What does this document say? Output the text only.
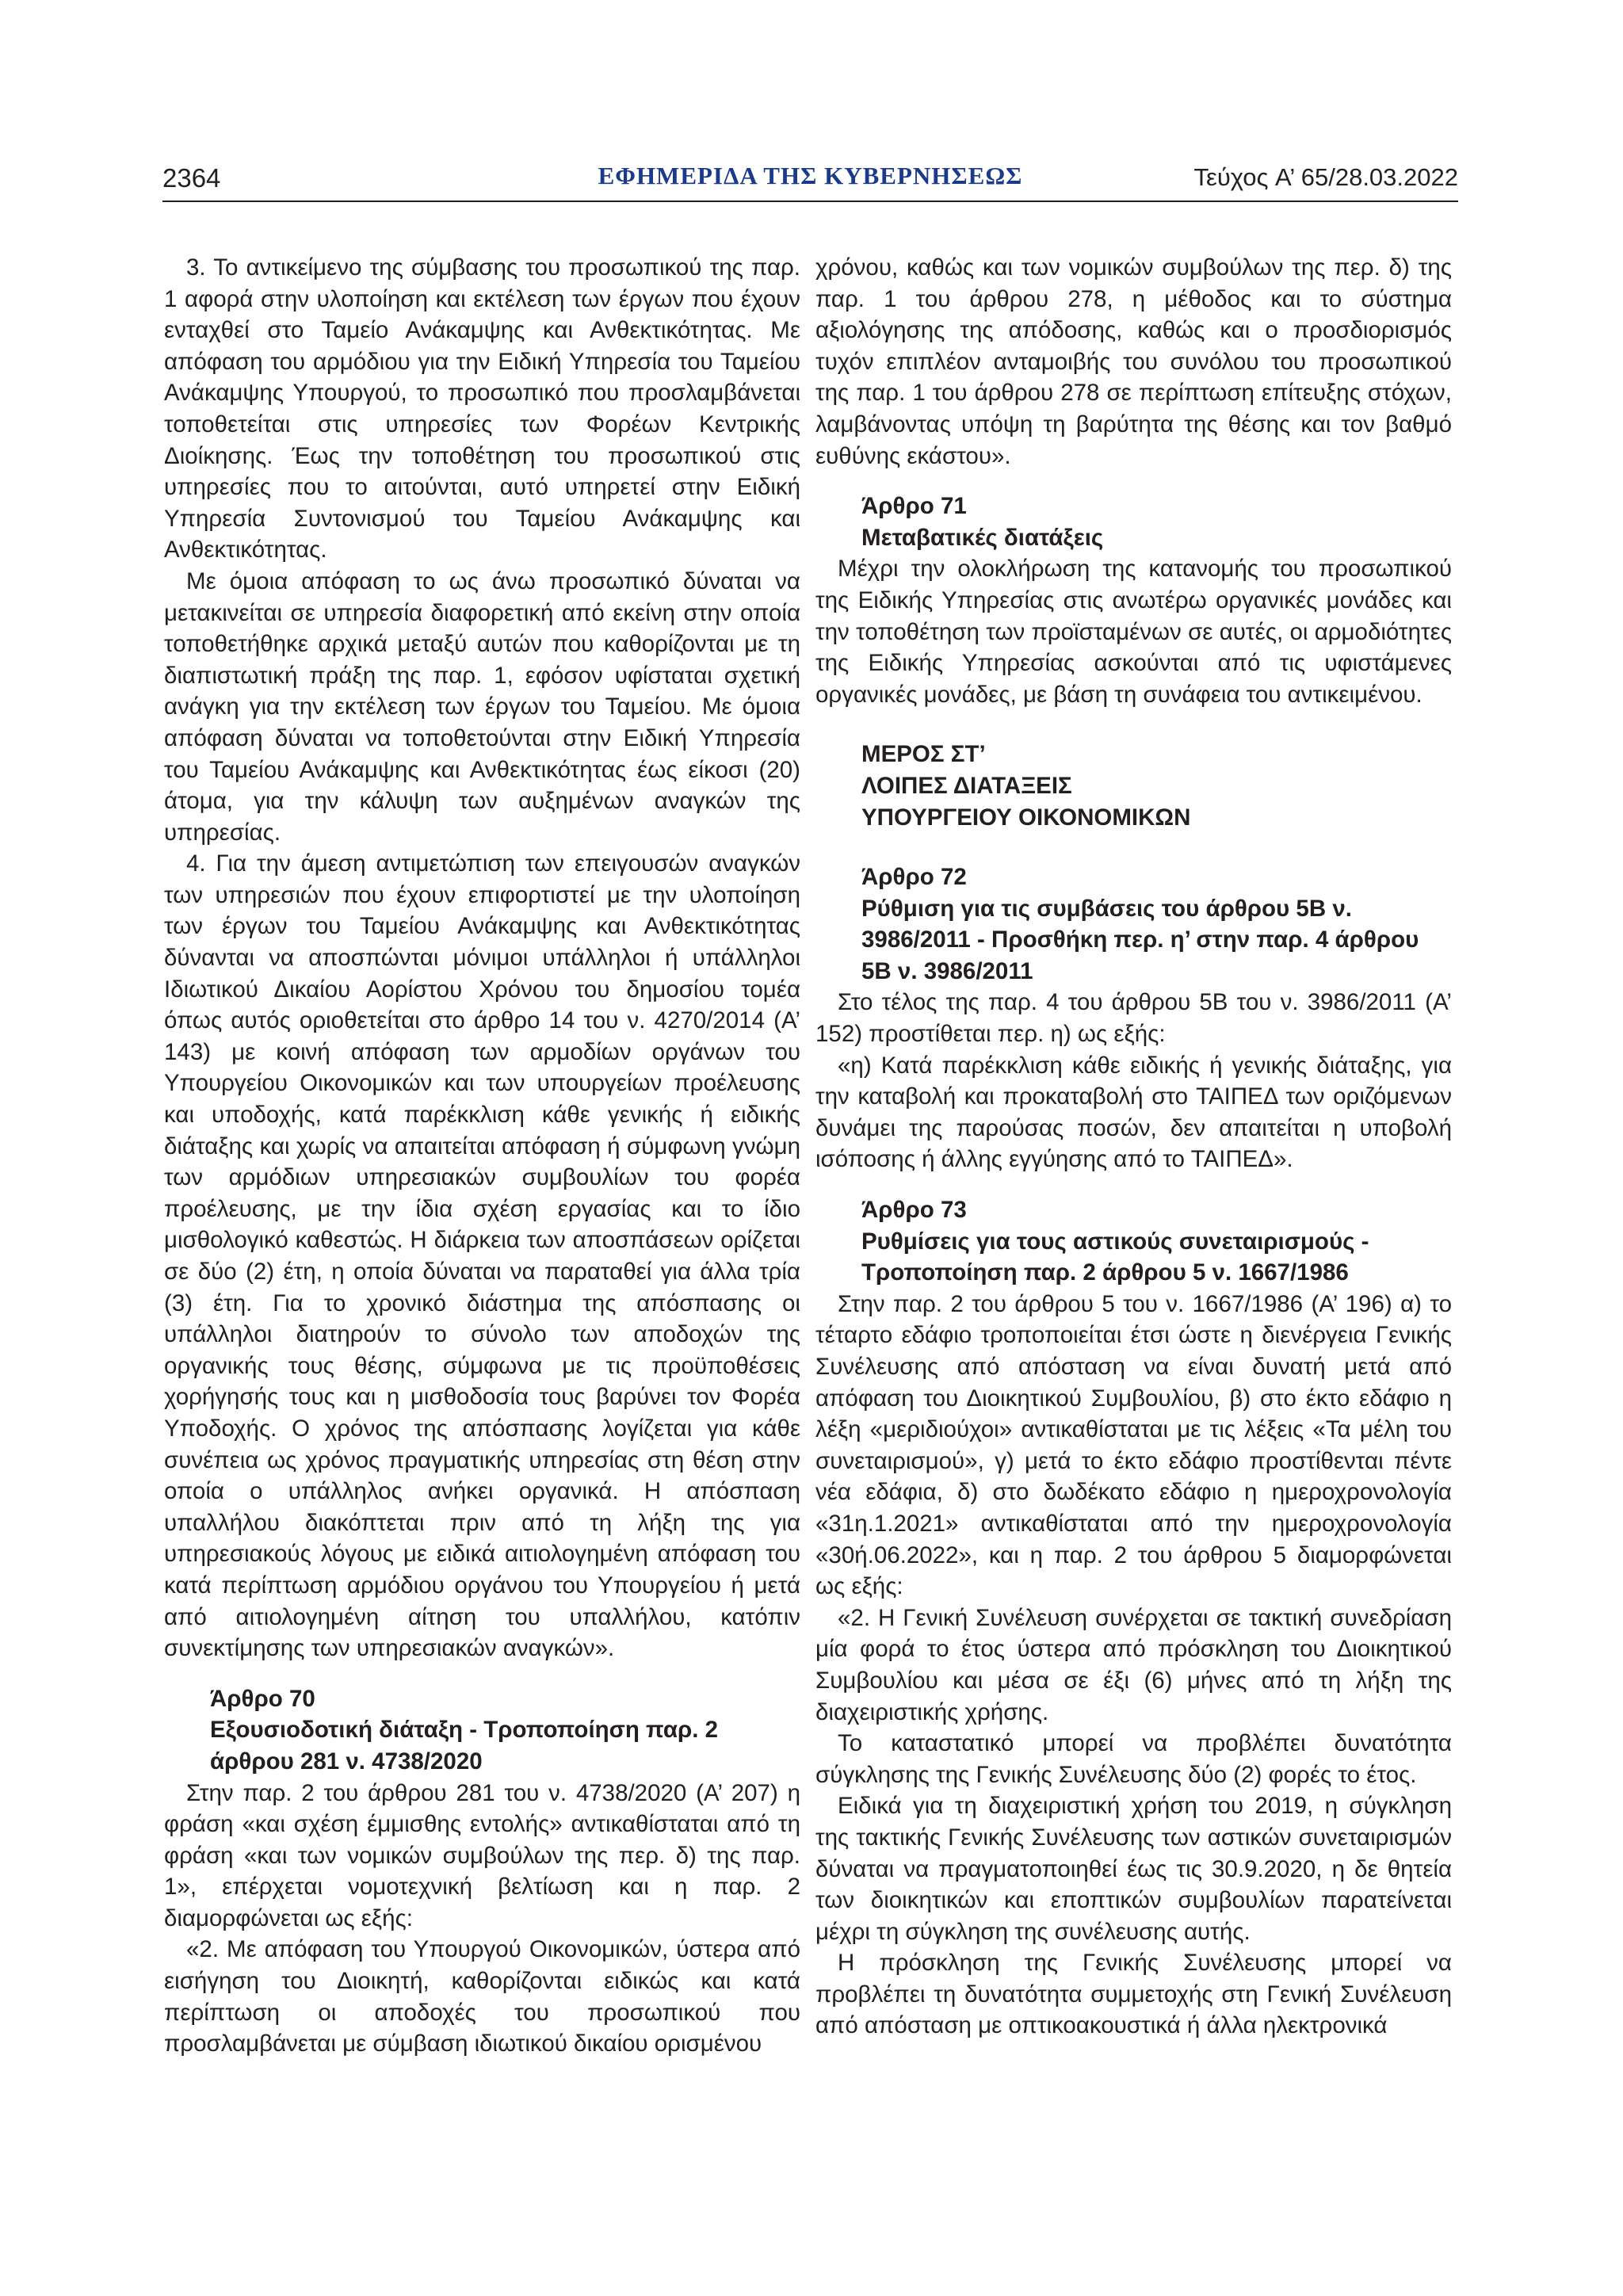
2364	ΕΦΗΜΕΡΙΔΑ ΤΗΣ ΚΥΒΕΡΝΗΣΕΩΣ	Τεύχος A’ 65/28.03.2022

3. Το αντικείμενο της σύμβασης του προσωπικού της παρ. 1 αφορά στην υλοποίηση και εκτέλεση των έργων που έχουν ενταχθεί στο Ταμείο Ανάκαμψης και Ανθεκτικότητας. Με απόφαση του αρμόδιου για την Ειδική Υπηρεσία του Ταμείου Ανάκαμψης Υπουργού, το προσωπικό που προσλαμβάνεται τοποθετείται στις υπηρεσίες των Φορέων Κεντρικής Διοίκησης. Έως την τοποθέτηση του προσωπικού στις υπηρεσίες που το αιτούνται, αυτό υπηρετεί στην Ειδική Υπηρεσία Συντονισμού του Ταμείου Ανάκαμψης και Ανθεκτικότητας.

Με όμοια απόφαση το ως άνω προσωπικό δύναται να μετακινείται σε υπηρεσία διαφορετική από εκείνη στην οποία τοποθετήθηκε αρχικά μεταξύ αυτών που καθορίζονται με τη διαπιστωτική πράξη της παρ. 1, εφόσον υφίσταται σχετική ανάγκη για την εκτέλεση των έργων του Ταμείου. Με όμοια απόφαση δύναται να τοποθετούνται στην Ειδική Υπηρεσία του Ταμείου Ανάκαμψης και Ανθεκτικότητας έως είκοσι (20) άτομα, για την κάλυψη των αυξημένων αναγκών της υπηρεσίας.

4. Για την άμεση αντιμετώπιση των επειγουσών αναγκών των υπηρεσιών που έχουν επιφορτιστεί με την υλοποίηση των έργων του Ταμείου Ανάκαμψης και Ανθεκτικότητας δύνανται να αποσπώνται μόνιμοι υπάλληλοι ή υπάλληλοι Ιδιωτικού Δικαίου Αορίστου Χρόνου του δημοσίου τομέα όπως αυτός οριοθετείται στο άρθρο 14 του ν. 4270/2014 (Α’ 143) με κοινή απόφαση των αρμοδίων οργάνων του Υπουργείου Οικονομικών και των υπουργείων προέλευσης και υποδοχής, κατά παρέκκλιση κάθε γενικής ή ειδικής διάταξης και χωρίς να απαιτείται απόφαση ή σύμφωνη γνώμη των αρμόδιων υπηρεσιακών συμβουλίων του φορέα προέλευσης, με την ίδια σχέση εργασίας και το ίδιο μισθολογικό καθεστώς. Η διάρκεια των αποσπάσεων ορίζεται σε δύο (2) έτη, η οποία δύναται να παραταθεί για άλλα τρία (3) έτη. Για το χρονικό διάστημα της απόσπασης οι υπάλληλοι διατηρούν το σύνολο των αποδοχών της οργανικής τους θέσης, σύμφωνα με τις προϋποθέσεις χορήγησής τους και η μισθοδοσία τους βαρύνει τον Φορέα Υποδοχής. Ο χρόνος της απόσπασης λογίζεται για κάθε συνέπεια ως χρόνος πραγματικής υπηρεσίας στη θέση στην οποία ο υπάλληλος ανήκει οργανικά. Η απόσπαση υπαλλήλου διακόπτεται πριν από τη λήξη της για υπηρεσιακούς λόγους με ειδικά αιτιολογημένη απόφαση του κατά περίπτωση αρμόδιου οργάνου του Υπουργείου ή μετά από αιτιολογημένη αίτηση του υπαλλήλου, κατόπιν συνεκτίμησης των υπηρεσιακών αναγκών».

Άρθρο 70

Εξουσιοδοτική διάταξη - Τροποποίηση παρ. 2 άρθρου 281 ν. 4738/2020

Στην παρ. 2 του άρθρου 281 του ν. 4738/2020 (Α’ 207) η φράση «και σχέση έμμισθης εντολής» αντικαθίσταται από τη φράση «και των νομικών συμβούλων της περ. δ) της παρ. 1», επέρχεται νομοτεχνική βελτίωση και η παρ. 2 διαμορφώνεται ως εξής:

«2. Με απόφαση του Υπουργού Οικονομικών, ύστερα από εισήγηση του Διοικητή, καθορίζονται ειδικώς και κατά περίπτωση οι αποδοχές του προσωπικού που προσλαμβάνεται με σύμβαση ιδιωτικού δικαίου ορισμένου

χρόνου, καθώς και των νομικών συμβούλων της περ. δ) της παρ. 1 του άρθρου 278, η μέθοδος και το σύστημα αξιολόγησης της απόδοσης, καθώς και ο προσδιορισμός τυχόν επιπλέον ανταμοιβής του συνόλου του προσωπικού της παρ. 1 του άρθρου 278 σε περίπτωση επίτευξης στόχων, λαμβάνοντας υπόψη τη βαρύτητα της θέσης και τον βαθμό ευθύνης εκάστου».

Άρθρο 71

Μεταβατικές διατάξεις

Μέχρι την ολοκλήρωση της κατανομής του προσωπικού της Ειδικής Υπηρεσίας στις ανωτέρω οργανικές μονάδες και την τοποθέτηση των προϊσταμένων σε αυτές, οι αρμοδιότητες της Ειδικής Υπηρεσίας ασκούνται από τις υφιστάμενες οργανικές μονάδες, με βάση τη συνάφεια του αντικειμένου.

ΜΕΡΟΣ ΣΤ’

ΛΟΙΠΕΣ ΔΙΑΤΑΞΕΙΣ

ΥΠΟΥΡΓΕΙΟΥ ΟΙΚΟΝΟΜΙΚΩΝ

Άρθρο 72

Ρύθμιση για τις συμβάσεις του άρθρου 5Β ν. 3986/2011 - Προσθήκη περ. η’ στην παρ. 4 άρθρου 5Β ν. 3986/2011

Στο τέλος της παρ. 4 του άρθρου 5Β του ν. 3986/2011 (Α’ 152) προστίθεται περ. η) ως εξής:

«η) Κατά παρέκκλιση κάθε ειδικής ή γενικής διάταξης, για την καταβολή και προκαταβολή στο ΤΑΙΠΕΔ των οριζόμενων δυνάμει της παρούσας ποσών, δεν απαιτείται η υποβολή ισόποσης ή άλλης εγγύησης από το ΤΑΙΠΕΔ».

Άρθρο 73

Ρυθμίσεις για τους αστικούς συνεταιρισμούς - Τροποποίηση παρ. 2 άρθρου 5 ν. 1667/1986

Στην παρ. 2 του άρθρου 5 του ν. 1667/1986 (Α’ 196) α) το τέταρτο εδάφιο τροποποιείται έτσι ώστε η διενέργεια Γενικής Συνέλευσης από απόσταση να είναι δυνατή μετά από απόφαση του Διοικητικού Συμβουλίου, β) στο έκτο εδάφιο η λέξη «μεριδιούχοι» αντικαθίσταται με τις λέξεις «Τα μέλη του συνεταιρισμού», γ) μετά το έκτο εδάφιο προστίθενται πέντε νέα εδάφια, δ) στο δωδέκατο εδάφιο η ημεροχρονολογία «31η.1.2021» αντικαθίσταται από την ημεροχρονολογία «30ή.06.2022», και η παρ. 2 του άρθρου 5 διαμορφώνεται ως εξής:

«2. Η Γενική Συνέλευση συνέρχεται σε τακτική συνεδρίαση μία φορά το έτος ύστερα από πρόσκληση του Διοικητικού Συμβουλίου και μέσα σε έξι (6) μήνες από τη λήξη της διαχειριστικής χρήσης.

Το καταστατικό μπορεί να προβλέπει δυνατότητα σύγκλησης της Γενικής Συνέλευσης δύο (2) φορές το έτος.

Ειδικά για τη διαχειριστική χρήση του 2019, η σύγκληση της τακτικής Γενικής Συνέλευσης των αστικών συνεταιρισμών δύναται να πραγματοποιηθεί έως τις 30.9.2020, η δε θητεία των διοικητικών και εποπτικών συμβουλίων παρατείνεται μέχρι τη σύγκληση της συνέλευσης αυτής.

Η πρόσκληση της Γενικής Συνέλευσης μπορεί να προβλέπει τη δυνατότητα συμμετοχής στη Γενική Συνέλευση από απόσταση με οπτικοακουστικά ή άλλα ηλεκτρονικά
